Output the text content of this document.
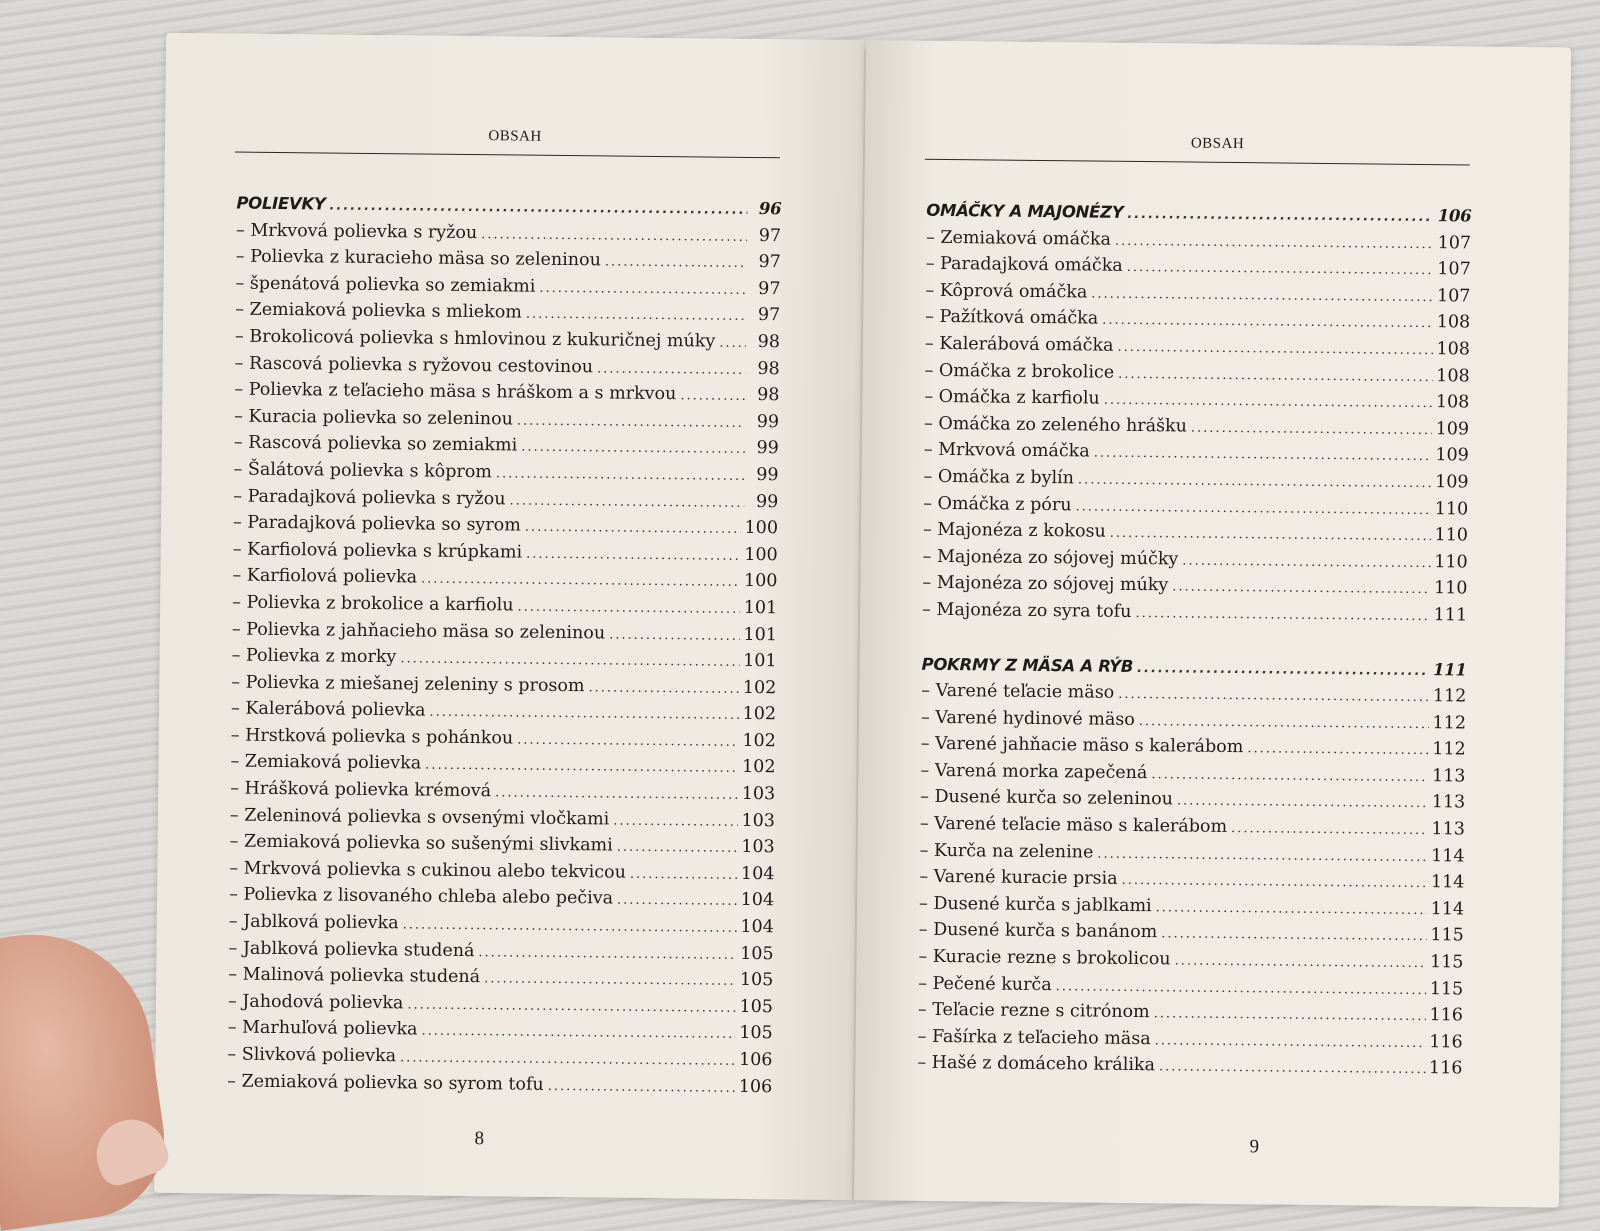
OBSAH
POLIEVKY .....	96
– Mrkvová polievka s ryžou .....	97
– Polievka z kuracieho mäsa so zeleninou .....	97
– špenátová polievka so zemiakmi .....	97
– Zemiaková polievka s mliekom .....	97
– Brokolicová polievka s hmlovinou z kukuričnej múky .....	98
– Rascová polievka s ryžovou cestovinou .....	98
– Polievka z teľacieho mäsa s hráškom a s mrkvou .....	98
– Kuracia polievka so zeleninou .....	99
– Rascová polievka so zemiakmi .....	99
– Šalátová polievka s kôprom .....	99
– Paradajková polievka s ryžou .....	99
– Paradajková polievka so syrom .....	100
– Karfiolová polievka s krúpkami .....	100
– Karfiolová polievka .....	100
– Polievka z brokolice a karfiolu .....	101
– Polievka z jahňacieho mäsa so zeleninou .....	101
– Polievka z morky .....	101
– Polievka z miešanej zeleniny s prosom .....	102
– Kalerábová polievka .....	102
– Hrstková polievka s pohánkou .....	102
– Zemiaková polievka .....	102
– Hrášková polievka krémová .....	103
– Zeleninová polievka s ovsenými vločkami .....	103
– Zemiaková polievka so sušenými slivkami .....	103
– Mrkvová polievka s cukinou alebo tekvicou .....	104
– Polievka z lisovaného chleba alebo pečiva .....	104
– Jablková polievka .....	104
– Jablková polievka studená .....	105
– Malinová polievka studená .....	105
– Jahodová polievka .....	105
– Marhuľová polievka .....	105
– Slivková polievka .....	106
– Zemiaková polievka so syrom tofu .....	106
8
OBSAH
OMÁČKY A MAJONÉZY .....	106
– Zemiaková omáčka .....	107
– Paradajková omáčka .....	107
– Kôprová omáčka .....	107
– Pažítková omáčka .....	108
– Kalerábová omáčka .....	108
– Omáčka z brokolice .....	108
– Omáčka z karfiolu .....	108
– Omáčka zo zeleného hrášku .....	109
– Mrkvová omáčka .....	109
– Omáčka z bylín .....	109
– Omáčka z póru .....	110
– Majonéza z kokosu .....	110
– Majonéza zo sójovej múčky .....	110
– Majonéza zo sójovej múky .....	110
– Majonéza zo syra tofu .....	111
POKRMY Z MÄSA A RÝB .....	111
– Varené teľacie mäso .....	112
– Varené hydinové mäso .....	112
– Varené jahňacie mäso s kalerábom .....	112
– Varená morka zapečená .....	113
– Dusené kurča so zeleninou .....	113
– Varené teľacie mäso s kalerábom .....	113
– Kurča na zelenine .....	114
– Varené kuracie prsia .....	114
– Dusené kurča s jablkami .....	114
– Dusené kurča s banánom .....	115
– Kuracie rezne s brokolicou .....	115
– Pečené kurča .....	115
– Teľacie rezne s citrónom .....	116
– Fašírka z teľacieho mäsa .....	116
– Hašé z domáceho králika .....	116
9
